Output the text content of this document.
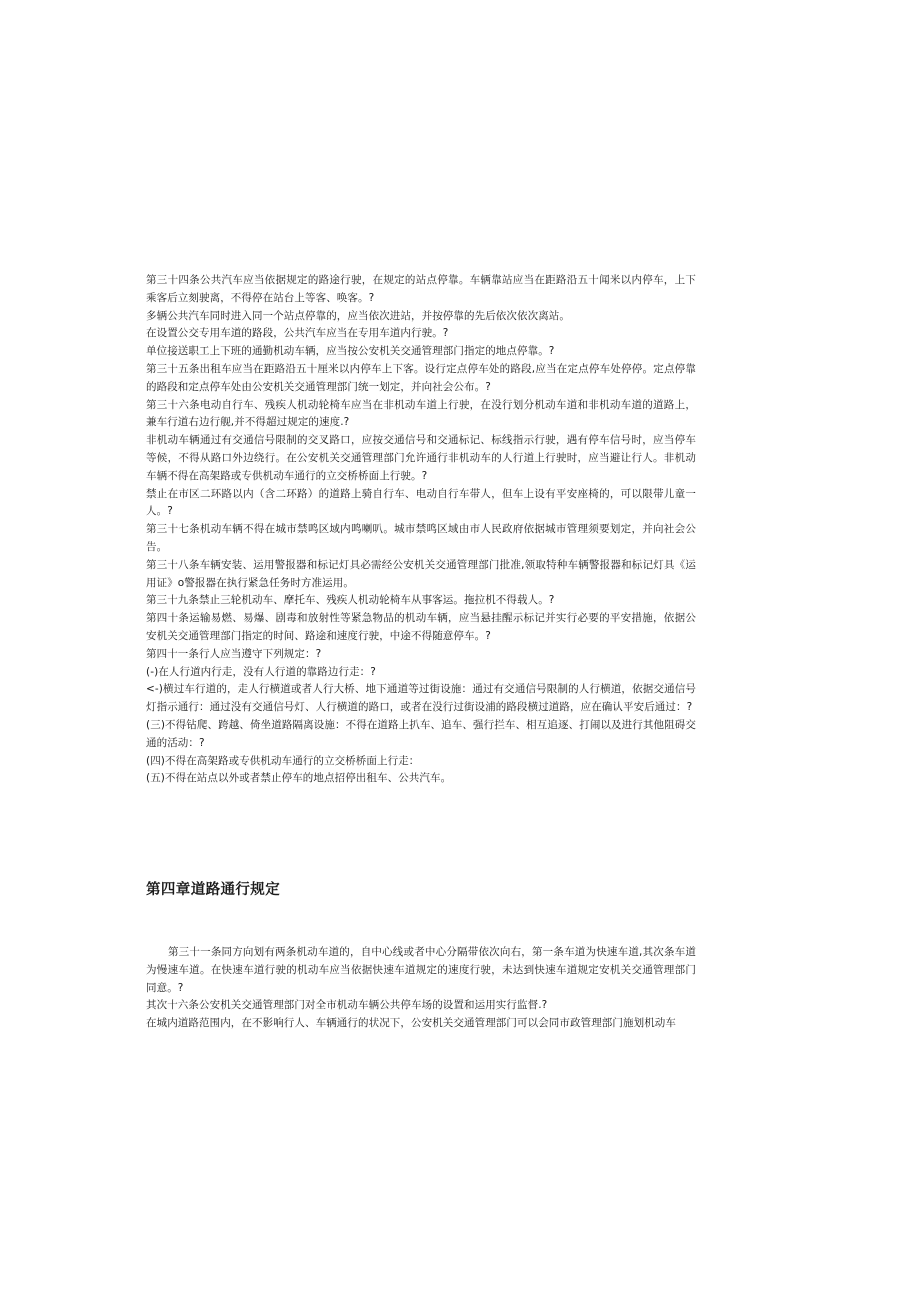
第三十四条公共汽车应当依据规定的路途行驶，在规定的站点停靠。车辆靠站应当在距路沿五十闻米以内停车，上下乘客后立刻驶离，不得停在站台上等客、唤客。?

多辆公共汽车同时进入同一个站点停靠的，应当依次进站，并按停靠的先后依次依次离站。

在设置公交专用车道的路段，公共汽车应当在专用车道内行驶。?

单位接送职工上下班的通勤机动车辆，应当按公安机关交通管理部门指定的地点停靠。?

第三十五条出租车应当在距路沿五十厘米以内停车上下客。设行定点停车处的路段,应当在定点停车处停停。定点停靠的路段和定点停车处由公安机关交通管理部门统一划定，并向社会公布。?

第三十六条电动自行车、残疾人机动轮椅车应当在非机动车道上行驶，在没行划分机动车道和非机动车道的道路上，兼车行道右边行舰,并不得超过规定的速度.?

非机动车辆通过有交通信号限制的交叉路口，应按交通信号和交通标记、标线指示行驶，遇有停车信号时，应当停车等候，不得从路口外边绕行。在公安机关交通管理部门允许通行非机动车的人行道上行驶时，应当避让行人。非机动车辆不得在高架路或专供机动车通行的立交桥桥面上行驶。?

禁止在市区二环路以内（含二环路）的道路上骑自行车、电动自行车带人，但车上设有平安座椅的，可以限带儿童一人。?

第三十七条机动车辆不得在城市禁鸣区域内鸣喇叭。城市禁鸣区域由市人民政府依据城市管理须要划定，并向社会公告。

第三十八条车辆安装、运用警报器和标记灯具必需经公安机关交通管理部门批准,领取特种车辆警报器和标记灯具《运用证》o警报器在执行紧急任务时方准运用。

第三十九条禁止三轮机动车、摩托车、残疾人机动轮椅车从事客运。拖拉机不得载人。?

第四十条运输易燃、易爆、剧毒和放射性等紧急物品的机动车辆，应当悬挂醒示标记并实行必要的平安措施，依据公安机关交通管理部门指定的时间、路途和速度行驶，中途不得随意停车。?

第四十一条行人应当遵守下列规定：?

(-)在人行道内行走，没有人行道的靠路边行走：?

<-)横过车行道的，走人行横道或者人行大桥、地下通道等过街设施：通过有交通信号限制的人行横道，依据交通信号灯指示通行：通过没有交通信号灯、人行横道的路口，或者在没行过街设浦的路段横过道路，应在确认平安后通过：?

(三)不得钻爬、跨越、倚坐道路隔离设施：不得在道路上扒车、追车、强行拦车、相互追逐、打闹以及进行其他阻碍交通的活动：?

(四)不得在高架路或专供机动车通行的立交桥桥面上行走：

(五)不得在站点以外或者禁止停车的地点招停出租车、公共汽车。

第四章道路通行规定

第三十一条同方向划有两条机动车道的，自中心线或者中心分隔带依次向右，第一条车道为快速车道,其次条车道为慢速车道。在快速车道行驶的机动车应当依据快速车道规定的速度行驶，未达到快速车道规定安机关交通管理部门同意。?

其次十六条公安机关交通管理部门对全市机动车辆公共停车场的设置和运用实行监督.?

在城内道路范围内，在不影响行人、车辆通行的状况下，公安机关交通管理部门可以会同市政管理部门施划机动车
